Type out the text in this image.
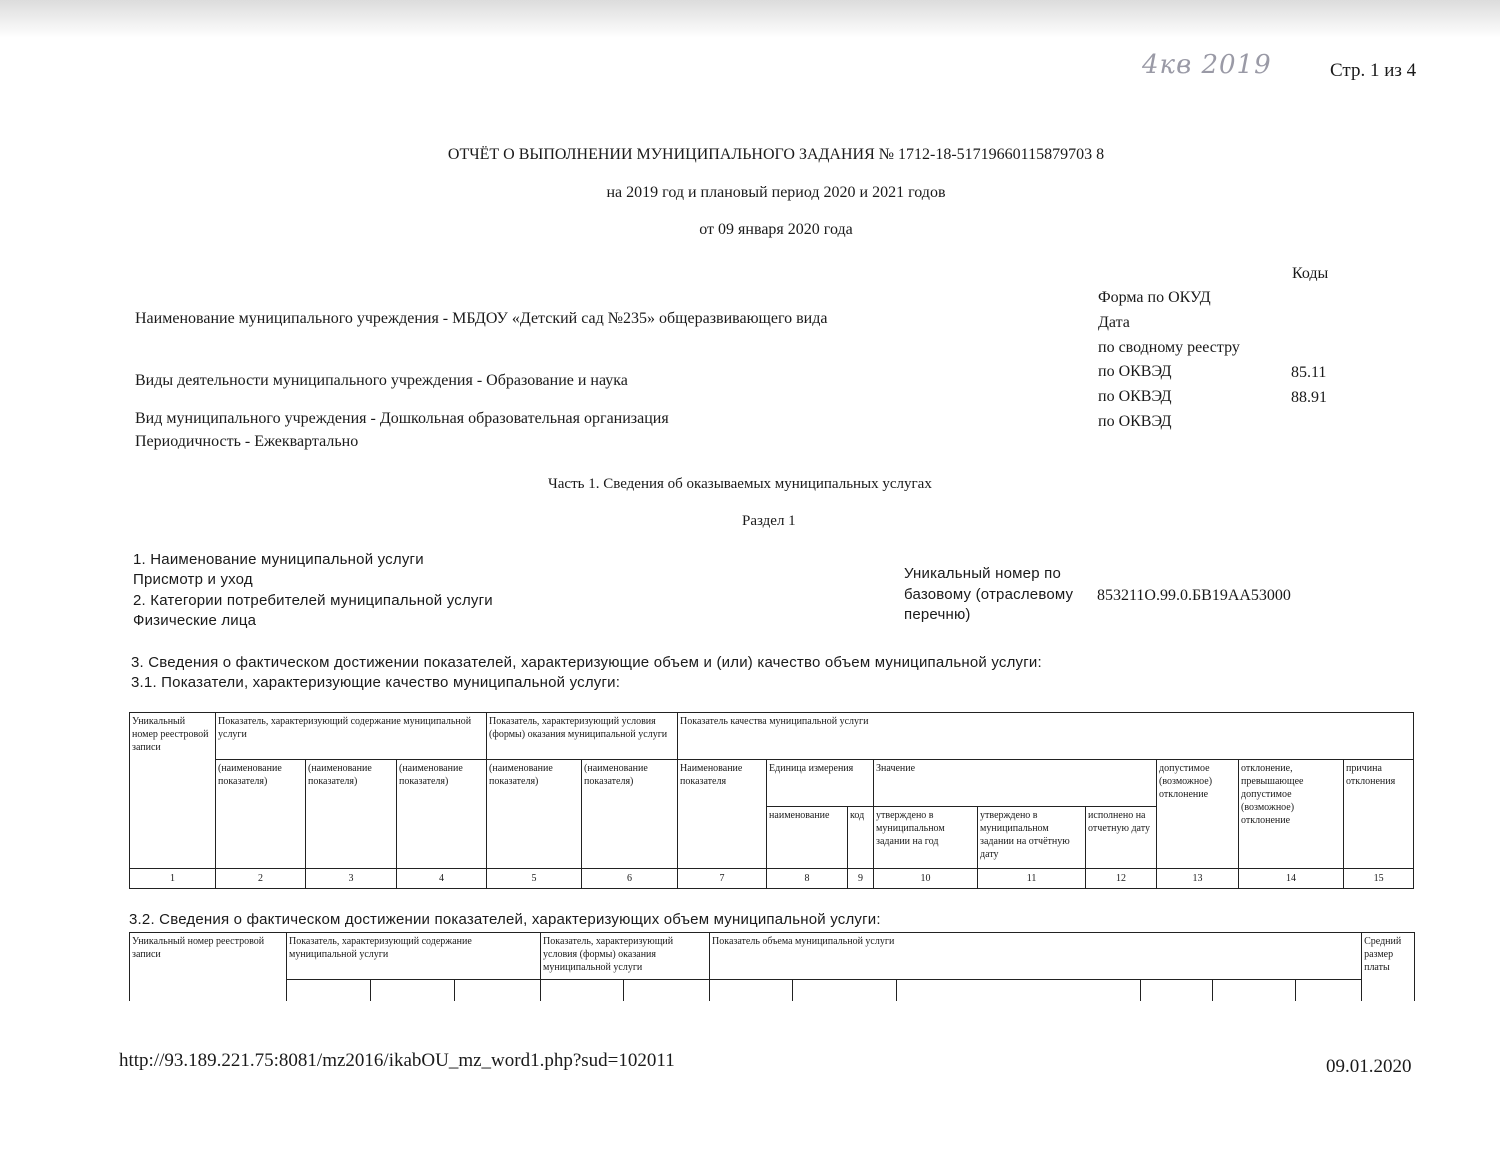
4кв 2019	Стр. 1 из 4
ОТЧЁТ О ВЫПОЛНЕНИИ МУНИЦИПАЛЬНОГО ЗАДАНИЯ № 1712-18-51719660115879703 8
на 2019 год и плановый период 2020 и 2021 годов
от 09 января 2020 года
Наименование муниципального учреждения - МБДОУ «Детский сад №235» общеразвивающего вида
Виды деятельности муниципального учреждения - Образование и наука
Вид муниципального учреждения - Дошкольная образовательная организация
Периодичность - Ежеквартально
Коды
Форма по ОКУД
Дата
по сводному реестру
по ОКВЭД	85.11
по ОКВЭД	88.91
по ОКВЭД
Часть 1. Сведения об оказываемых муниципальных услугах
Раздел 1
1. Наименование муниципальной услуги
Присмотр и уход
2. Категории потребителей муниципальной услуги
Физические лица
Уникальный номер по
базовому (отраслевому
перечню)
853211О.99.0.БВ19АА53000
3. Сведения о фактическом достижении показателей, характеризующие объем и (или) качество объем муниципальной услуги:
3.1. Показатели, характеризующие качество муниципальной услуги:
Уникальный номер реестровой записи	Показатель, характеризующий содержание муниципальной услуги			Показатель, характеризующий условия (формы) оказания муниципальной услуги		Показатель качества муниципальной услуги								
	(наименование показателя)	(наименование показателя)	(наименование показателя)	(наименование показателя)	(наименование показателя)	Наименование показателя	Единица измерения		Значение			допустимое (возможное) отклонение	отклонение, превышающее допустимое (возможное) отклонение	причина отклонения
							наименование	код	утверждено в муниципальном задании на год	утверждено в муниципальном задании на отчётную дату	исполнено на отчетную дату			
1	2	3	4	5	6	7	8	9	10	11	12	13	14	15
3.2. Сведения о фактическом достижении показателей, характеризующих объем муниципальной услуги:
Уникальный номер реестровой записи	Показатель, характеризующий содержание муниципальной услуги			Показатель, характеризующий условия (формы) оказания муниципальной услуги		Показатель объема муниципальной услуги						Средний размер платы

http://93.189.221.75:8081/mz2016/ikabOU_mz_word1.php?sud=102011	09.01.2020
